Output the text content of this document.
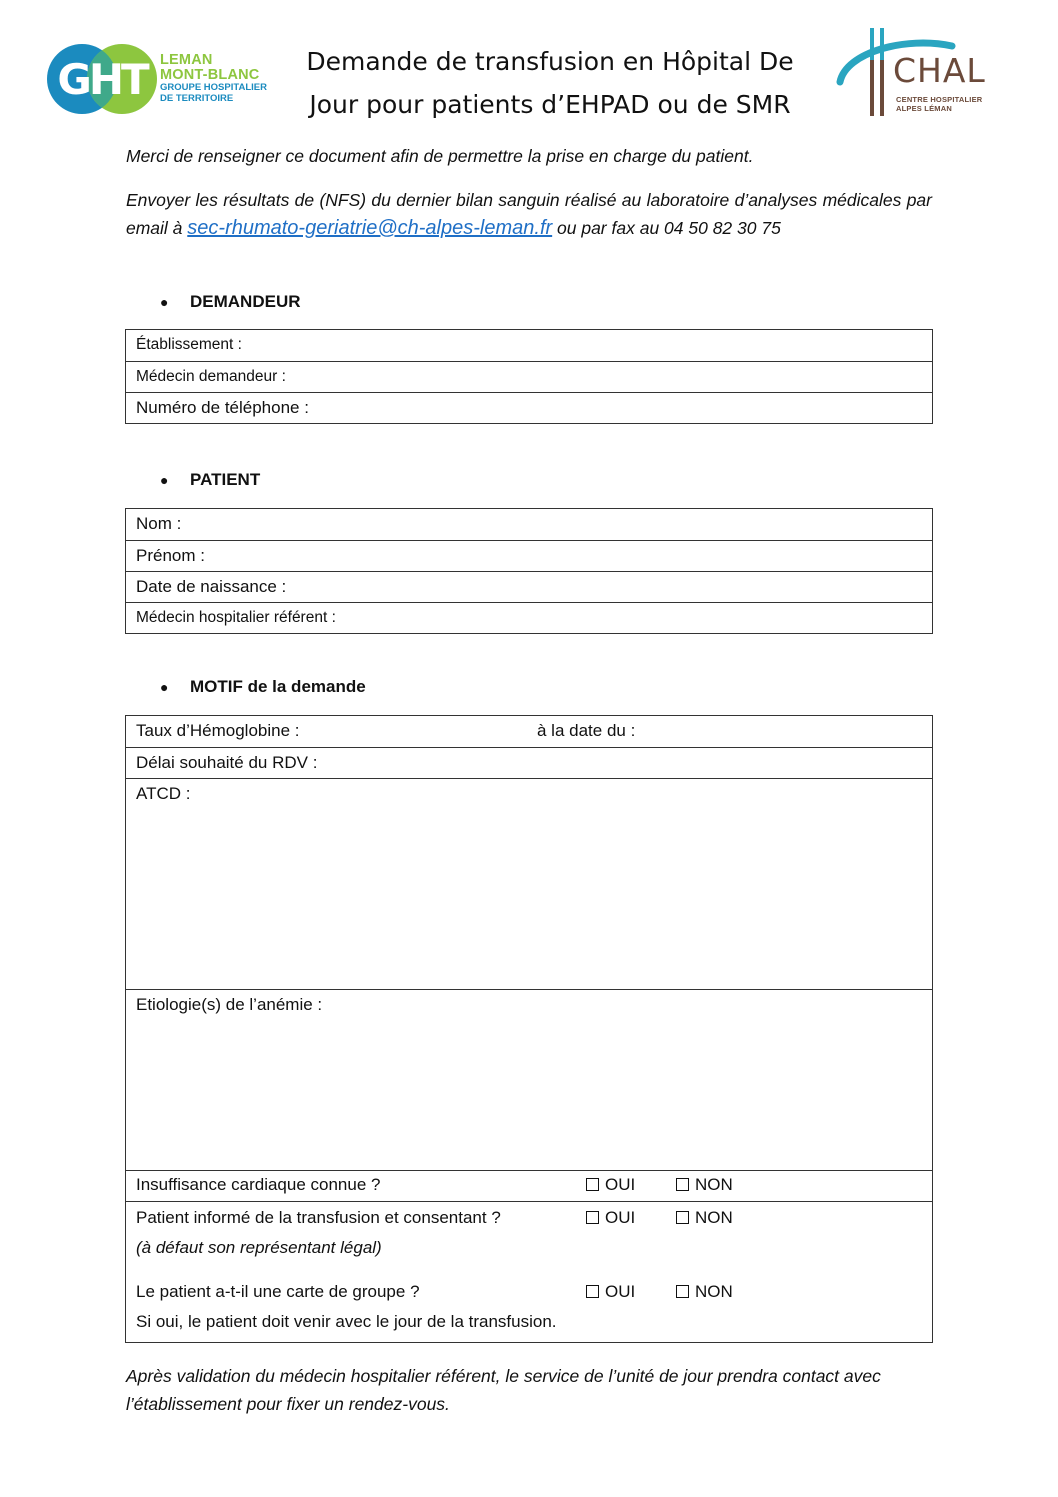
GHT LEMAN
MONT-BLANC
GROUPE HOSPITALIER
DE TERRITOIRE
Demande de transfusion en Hôpital De
Jour pour patients d’EHPAD ou de SMR
CHAL
CENTRE HOSPITALIER
ALPES LÉMAN

Merci de renseigner ce document afin de permettre la prise en charge du patient.

Envoyer les résultats de (NFS) du dernier bilan sanguin réalisé au laboratoire d’analyses médicales par email à sec-rhumato-geriatrie@ch-alpes-leman.fr ou par fax au 04 50 82 30 75

● DEMANDEUR
Établissement :
Médecin demandeur :
Numéro de téléphone :
● PATIENT
Nom :
Prénom :
Date de naissance :
Médecin hospitalier référent :
● MOTIF de la demande
Taux d’Hémoglobine :	à la date du :
Délai souhaité du RDV :
ATCD :
Etiologie(s) de l’anémie :
Insuffisance cardiaque connue ?	OUI	NON
Patient informé de la transfusion et consentant ?	OUI	NON
(à défaut son représentant légal)
Le patient a-t-il une carte de groupe ?	OUI	NON
Si oui, le patient doit venir avec le jour de la transfusion.

Après validation du médecin hospitalier référent, le service de l’unité de jour prendra contact avec l’établissement pour fixer un rendez-vous.
